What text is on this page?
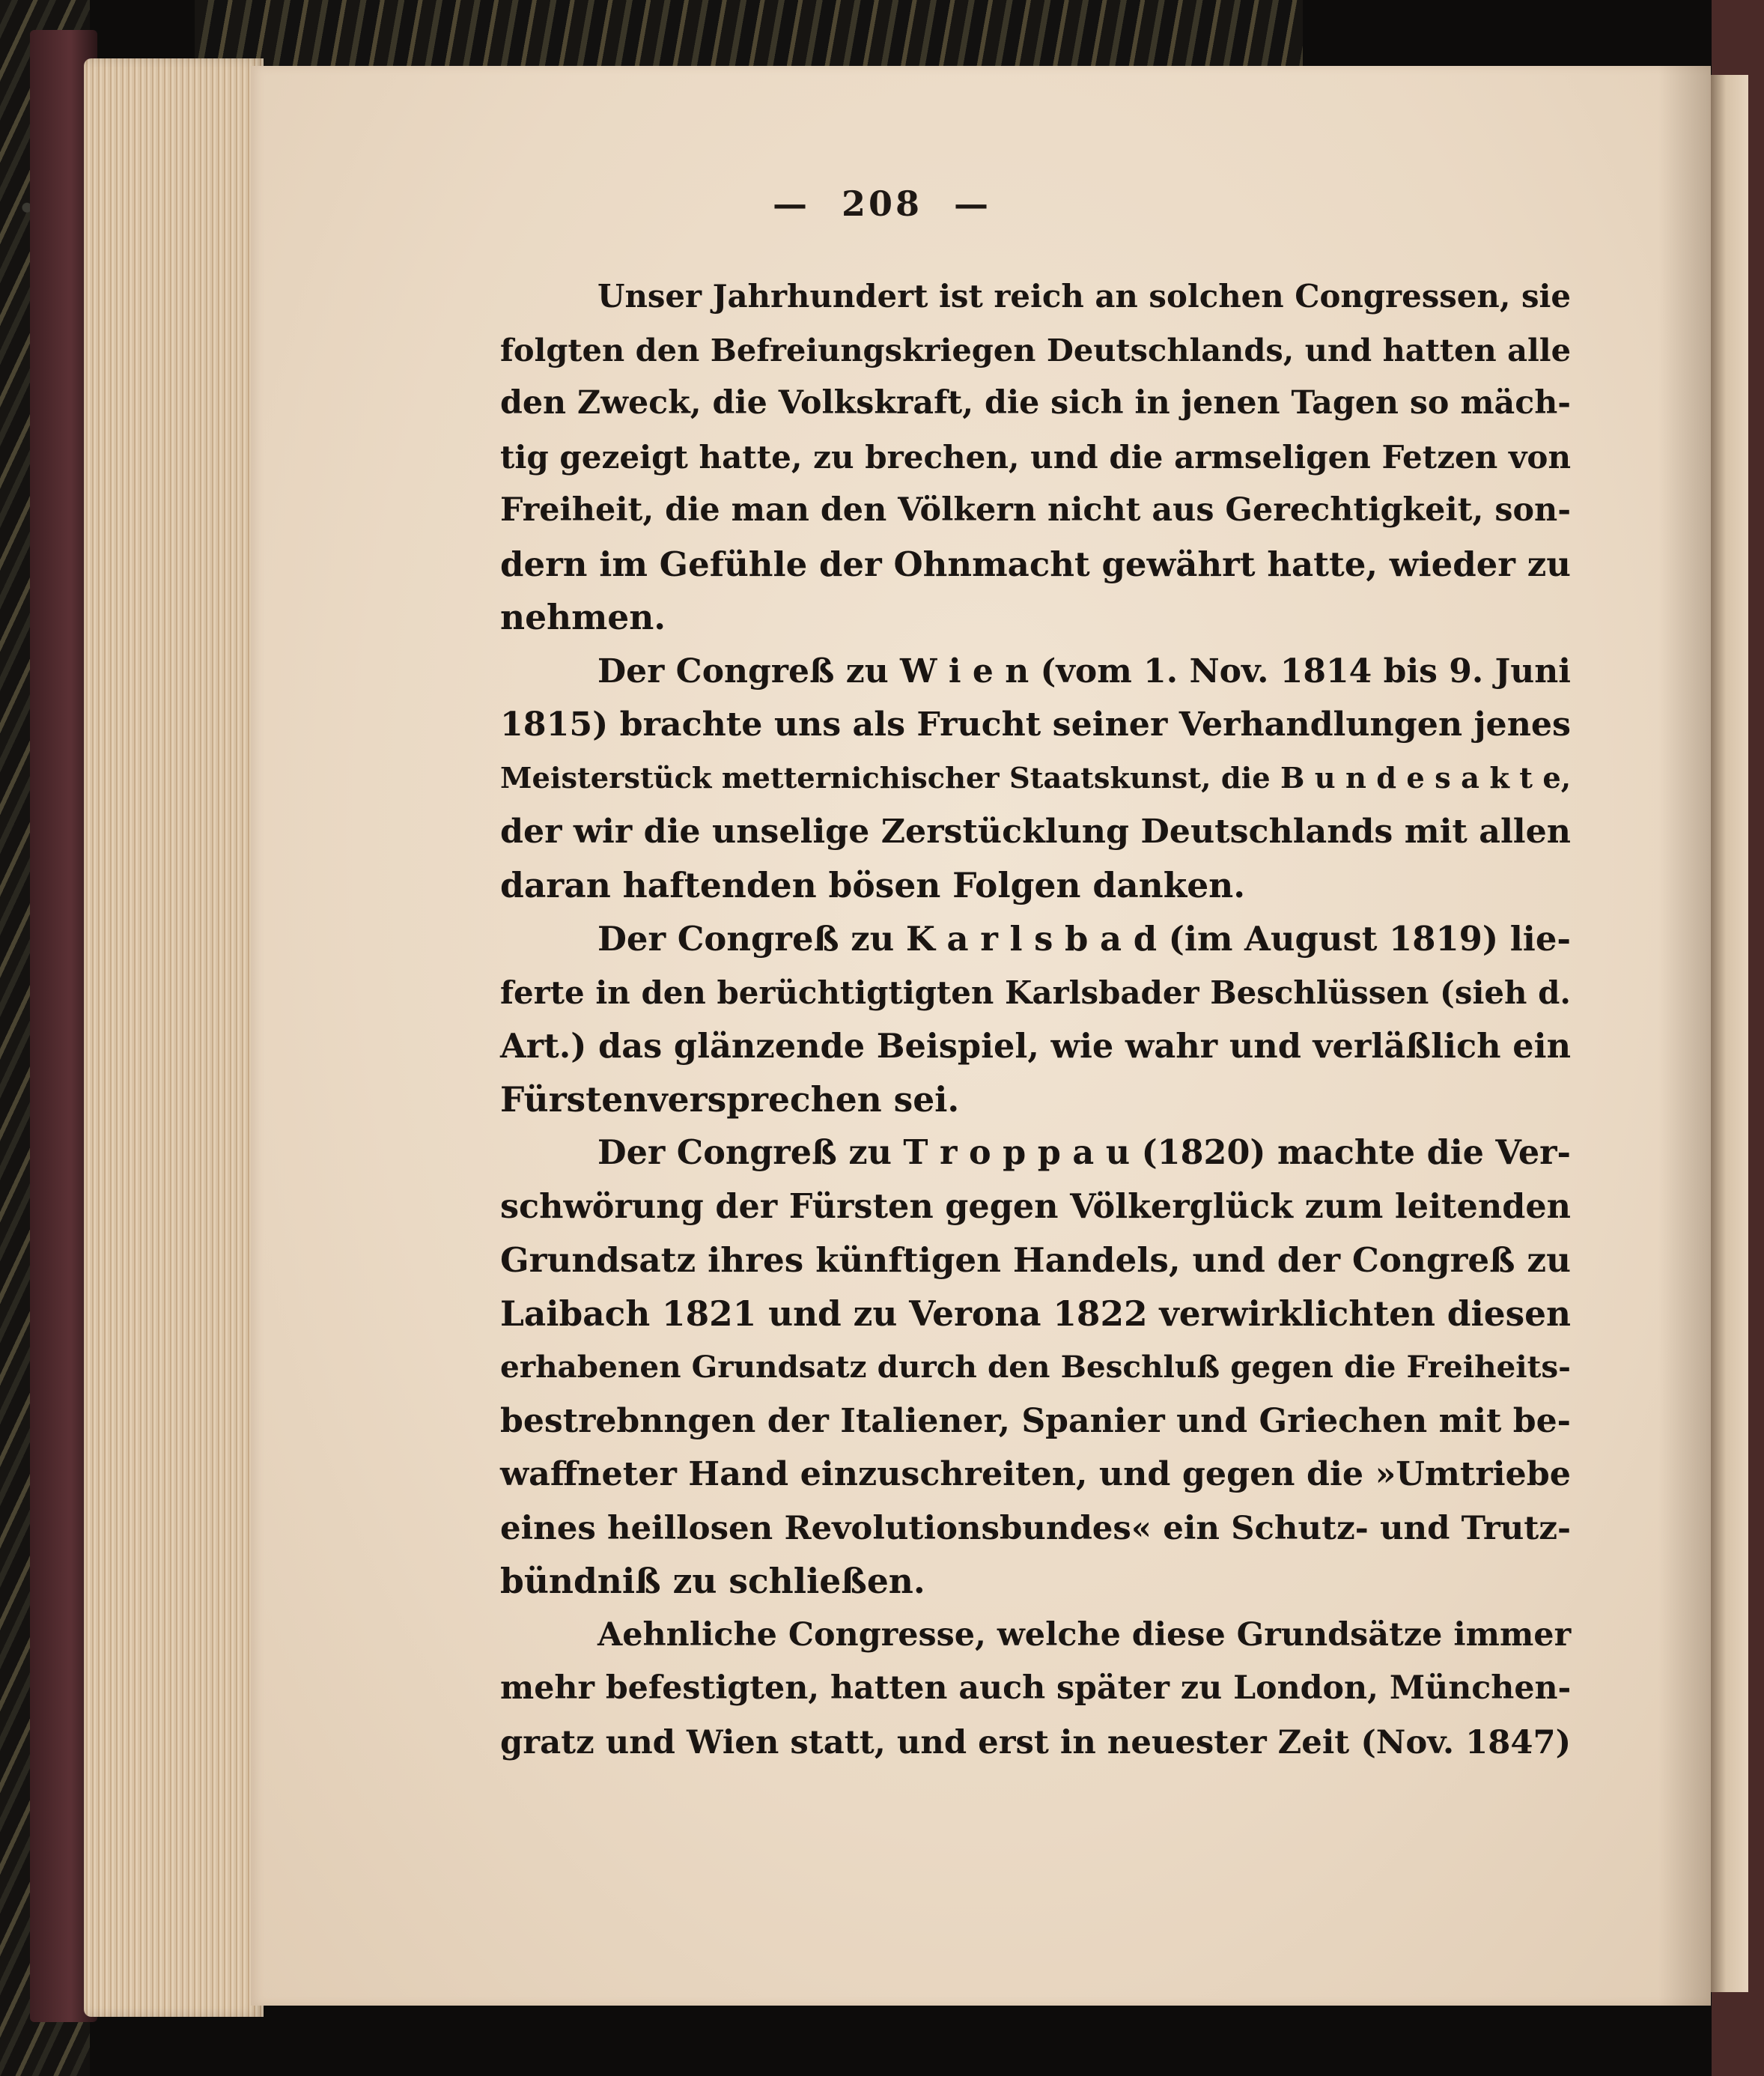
— 208 —

Unser Jahrhundert ist reich an solchen Congressen, sie
folgten den Befreiungskriegen Deutschlands, und hatten alle
den Zweck, die Volkskraft, die sich in jenen Tagen so mäch-
tig gezeigt hatte, zu brechen, und die armseligen Fetzen von
Freiheit, die man den Völkern nicht aus Gerechtigkeit, son-
dern im Gefühle der Ohnmacht gewährt hatte, wieder zu
nehmen.

Der Congreß zu W i e n (vom 1. Nov. 1814 bis 9. Juni
1815) brachte uns als Frucht seiner Verhandlungen jenes
Meisterstück metternichischer Staatskunst, die B u n d e s a k t e,
der wir die unselige Zerstücklung Deutschlands mit allen
daran haftenden bösen Folgen danken.

Der Congreß zu K a r l s b a d (im August 1819) lie-
ferte in den berüchtigtigten Karlsbader Beschlüssen (sieh d.
Art.) das glänzende Beispiel, wie wahr und verläßlich ein
Fürstenversprechen sei.

Der Congreß zu T r o p p a u (1820) machte die Ver-
schwörung der Fürsten gegen Völkerglück zum leitenden
Grundsatz ihres künftigen Handels, und der Congreß zu
Laibach 1821 und zu Verona 1822 verwirklichten diesen
erhabenen Grundsatz durch den Beschluß gegen die Freiheits-
bestrebnngen der Italiener, Spanier und Griechen mit be-
waffneter Hand einzuschreiten, und gegen die »Umtriebe
eines heillosen Revolutionsbundes« ein Schutz- und Trutz-
bündniß zu schließen.

Aehnliche Congresse, welche diese Grundsätze immer
mehr befestigten, hatten auch später zu London, München-
gratz und Wien statt, und erst in neuester Zeit (Nov. 1847)
